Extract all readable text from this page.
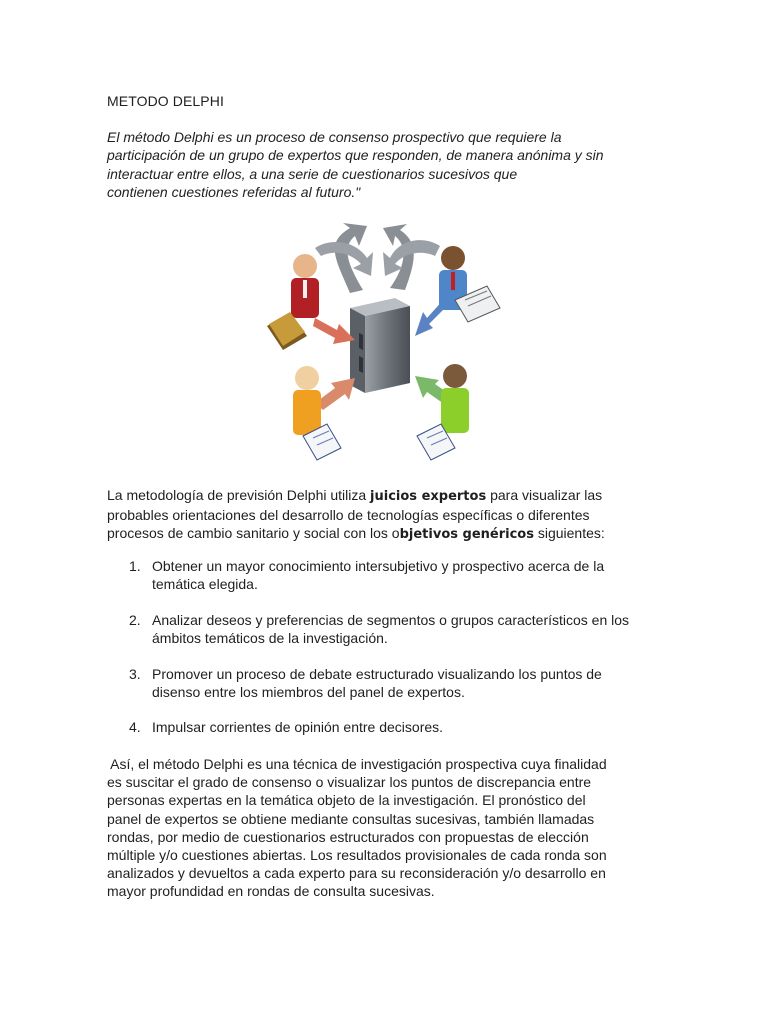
METODO DELPHI

El método Delphi es un proceso de consenso prospectivo que requiere la
participación de un grupo de expertos que responden, de manera anónima y sin
interactuar entre ellos, a una serie de cuestionarios sucesivos que
contienen cuestiones referidas al futuro."

La metodología de previsión Delphi utiliza juicios expertos para visualizar las probables orientaciones del desarrollo de tecnologías específicas o diferentes procesos de cambio sanitario y social con los objetivos genéricos siguientes:

1. Obtener un mayor conocimiento intersubjetivo y prospectivo acerca de la temática elegida.
2. Analizar deseos y preferencias de segmentos o grupos característicos en los ámbitos temáticos de la investigación.
3. Promover un proceso de debate estructurado visualizando los puntos de disenso entre los miembros del panel de expertos.
4. Impulsar corrientes de opinión entre decisores.
Así, el método Delphi es una técnica de investigación prospectiva cuya finalidad
es suscitar el grado de consenso o visualizar los puntos de discrepancia entre
personas expertas en la temática objeto de la investigación. El pronóstico del
panel de expertos se obtiene mediante consultas sucesivas, también llamadas
rondas, por medio de cuestionarios estructurados con propuestas de elección
múltiple y/o cuestiones abiertas. Los resultados provisionales de cada ronda son
analizados y devueltos a cada experto para su reconsideración y/o desarrollo en
mayor profundidad en rondas de consulta sucesivas.
